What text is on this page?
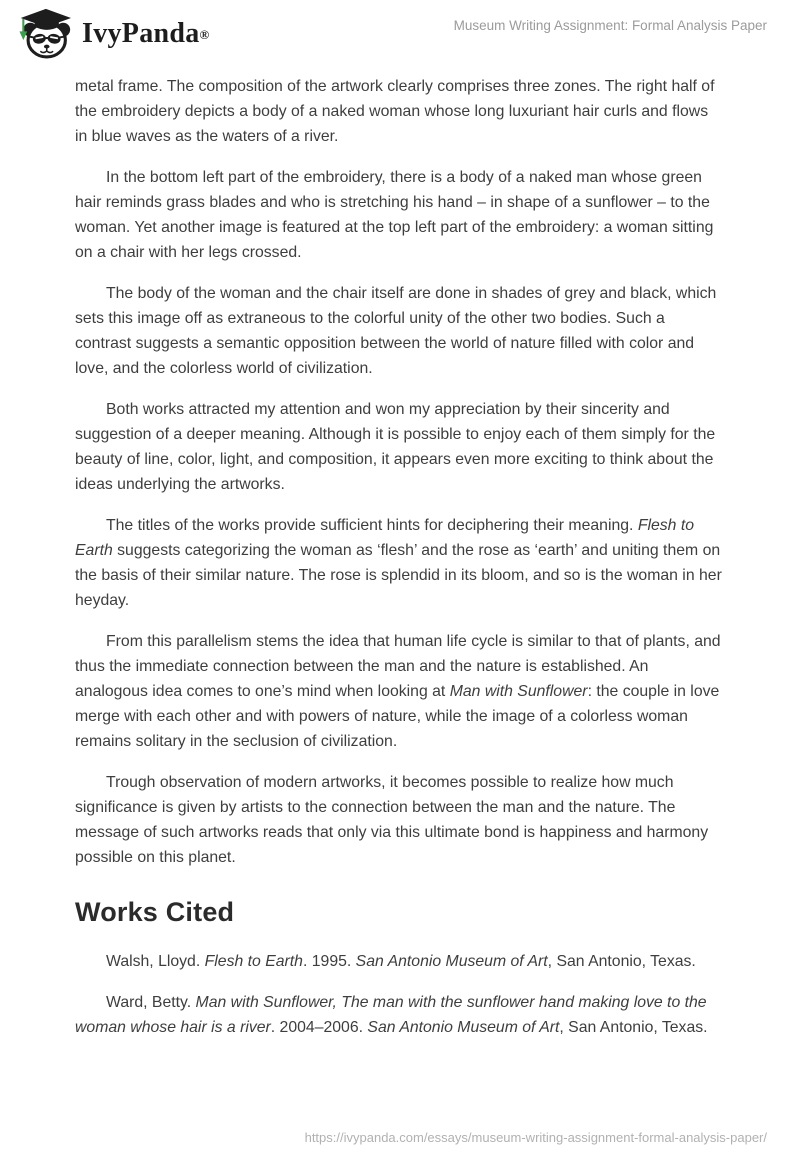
IvyPanda ®
Museum Writing Assignment: Formal Analysis Paper

metal frame. The composition of the artwork clearly comprises three zones. The right half of the embroidery depicts a body of a naked woman whose long luxuriant hair curls and flows in blue waves as the waters of a river.

In the bottom left part of the embroidery, there is a body of a naked man whose green hair reminds grass blades and who is stretching his hand – in shape of a sunflower – to the woman. Yet another image is featured at the top left part of the embroidery: a woman sitting on a chair with her legs crossed.

The body of the woman and the chair itself are done in shades of grey and black, which sets this image off as extraneous to the colorful unity of the other two bodies. Such a contrast suggests a semantic opposition between the world of nature filled with color and love, and the colorless world of civilization.

Both works attracted my attention and won my appreciation by their sincerity and suggestion of a deeper meaning. Although it is possible to enjoy each of them simply for the beauty of line, color, light, and composition, it appears even more exciting to think about the ideas underlying the artworks.

The titles of the works provide sufficient hints for deciphering their meaning. Flesh to Earth suggests categorizing the woman as ‘flesh’ and the rose as ‘earth’ and uniting them on the basis of their similar nature. The rose is splendid in its bloom, and so is the woman in her heyday.

From this parallelism stems the idea that human life cycle is similar to that of plants, and thus the immediate connection between the man and the nature is established. An analogous idea comes to one’s mind when looking at Man with Sunflower: the couple in love merge with each other and with powers of nature, while the image of a colorless woman remains solitary in the seclusion of civilization.

Trough observation of modern artworks, it becomes possible to realize how much significance is given by artists to the connection between the man and the nature. The message of such artworks reads that only via this ultimate bond is happiness and harmony possible on this planet.

Works Cited

Walsh, Lloyd. Flesh to Earth. 1995. San Antonio Museum of Art, San Antonio, Texas.

Ward, Betty. Man with Sunflower, The man with the sunflower hand making love to the woman whose hair is a river. 2004–2006. San Antonio Museum of Art, San Antonio, Texas.

https://ivypanda.com/essays/museum-writing-assignment-formal-analysis-paper/
